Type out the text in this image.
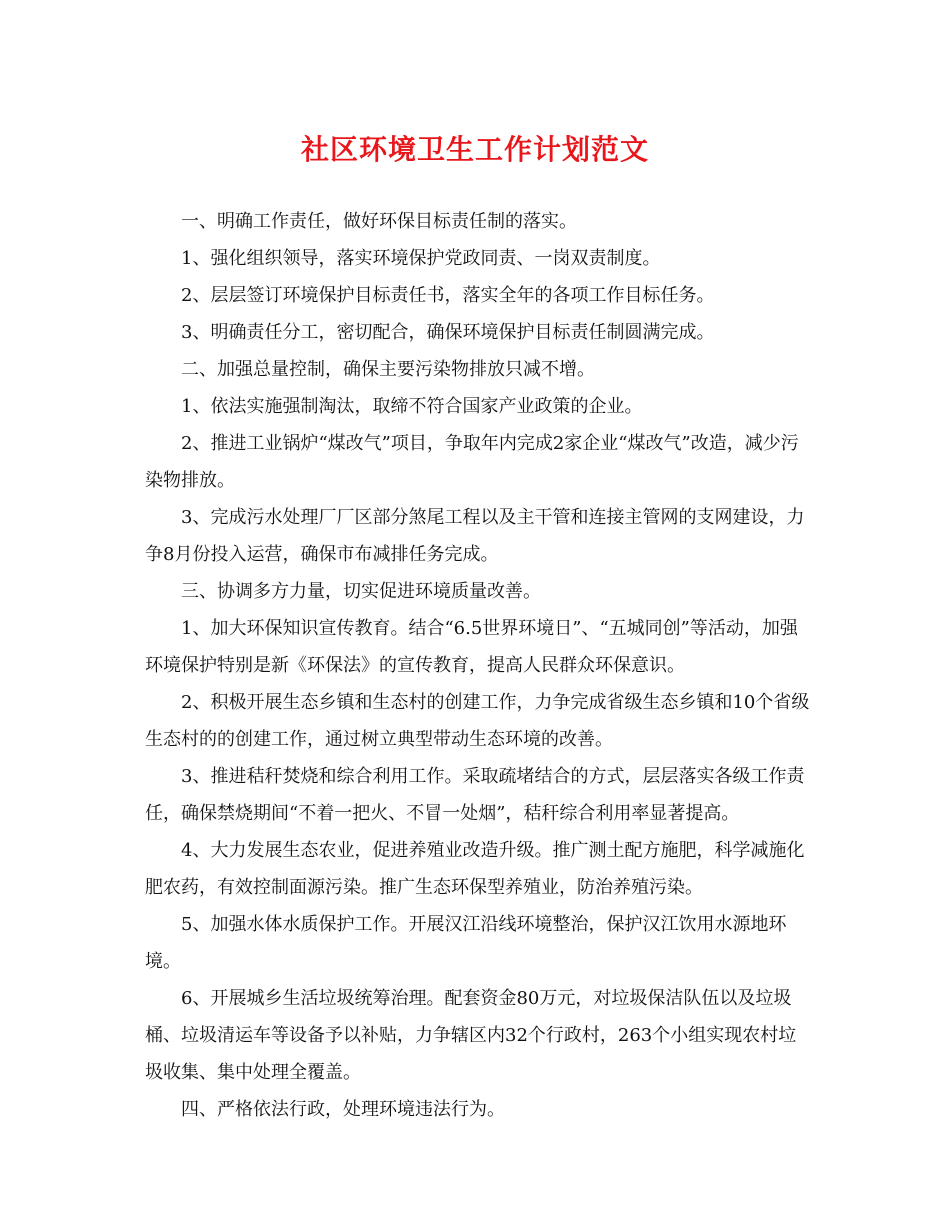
社区环境卫生工作计划范文

一、明确工作责任，做好环保目标责任制的落实。

1、强化组织领导，落实环境保护党政同责、一岗双责制度。

2、层层签订环境保护目标责任书，落实全年的各项工作目标任务。

3、明确责任分工，密切配合，确保环境保护目标责任制圆满完成。

二、加强总量控制，确保主要污染物排放只减不增。

1、依法实施强制淘汰，取缔不符合国家产业政策的企业。

2、推进工业锅炉“煤改气”项目，争取年内完成2家企业“煤改气”改造，减少污染物排放。

3、完成污水处理厂厂区部分煞尾工程以及主干管和连接主管网的支网建设，力争8月份投入运营，确保市布减排任务完成。

三、协调多方力量，切实促进环境质量改善。

1、加大环保知识宣传教育。结合“6.5世界环境日”、“五城同创”等活动，加强环境保护特别是新《环保法》的宣传教育，提高人民群众环保意识。

2、积极开展生态乡镇和生态村的创建工作，力争完成省级生态乡镇和10个省级生态村的的创建工作，通过树立典型带动生态环境的改善。

3、推进秸秆焚烧和综合利用工作。采取疏堵结合的方式，层层落实各级工作责任，确保禁烧期间“不着一把火、不冒一处烟”，秸秆综合利用率显著提高。

4、大力发展生态农业，促进养殖业改造升级。推广测土配方施肥，科学减施化肥农药，有效控制面源污染。推广生态环保型养殖业，防治养殖污染。

5、加强水体水质保护工作。开展汉江沿线环境整治，保护汉江饮用水源地环境。

6、开展城乡生活垃圾统筹治理。配套资金80万元，对垃圾保洁队伍以及垃圾桶、垃圾清运车等设备予以补贴，力争辖区内32个行政村，263个小组实现农村垃圾收集、集中处理全覆盖。

四、严格依法行政，处理环境违法行为。
